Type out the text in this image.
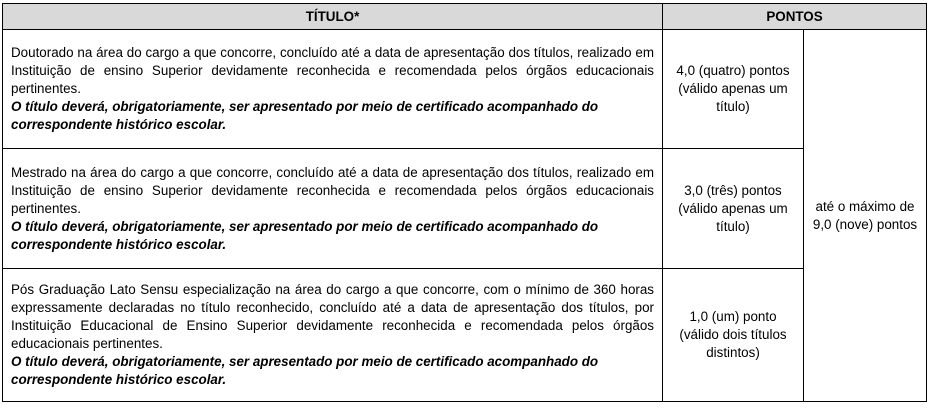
TÍTULO*	PONTOS	

Doutorado na área do cargo a que concorre, concluído até a data de apresentação dos títulos, realizado em Instituição de ensino Superior devidamente reconhecida e recomendada pelos órgãos educacionais pertinentes.

O título deverá, obrigatoriamente, ser apresentado por meio de certificado acompanhado do correspondente histórico escolar.	4,0 (quatro) pontos (válido apenas um título)	até o máximo de 9,0 (nove) pontos

Mestrado na área do cargo a que concorre, concluído até a data de apresentação dos títulos, realizado em Instituição de ensino Superior devidamente reconhecida e recomendada pelos órgãos educacionais pertinentes.

O título deverá, obrigatoriamente, ser apresentado por meio de certificado acompanhado do correspondente histórico escolar.	3,0 (três) pontos (válido apenas um título)	

Pós Graduação Lato Sensu especialização na área do cargo a que concorre, com o mínimo de 360 horas expressamente declaradas no título reconhecido, concluído até a data de apresentação dos títulos, por Instituição Educacional de Ensino Superior devidamente reconhecida e recomendada pelos órgãos educacionais pertinentes.

O título deverá, obrigatoriamente, ser apresentado por meio de certificado acompanhado do correspondente histórico escolar.	1,0 (um) ponto (válido dois títulos distintos)	
